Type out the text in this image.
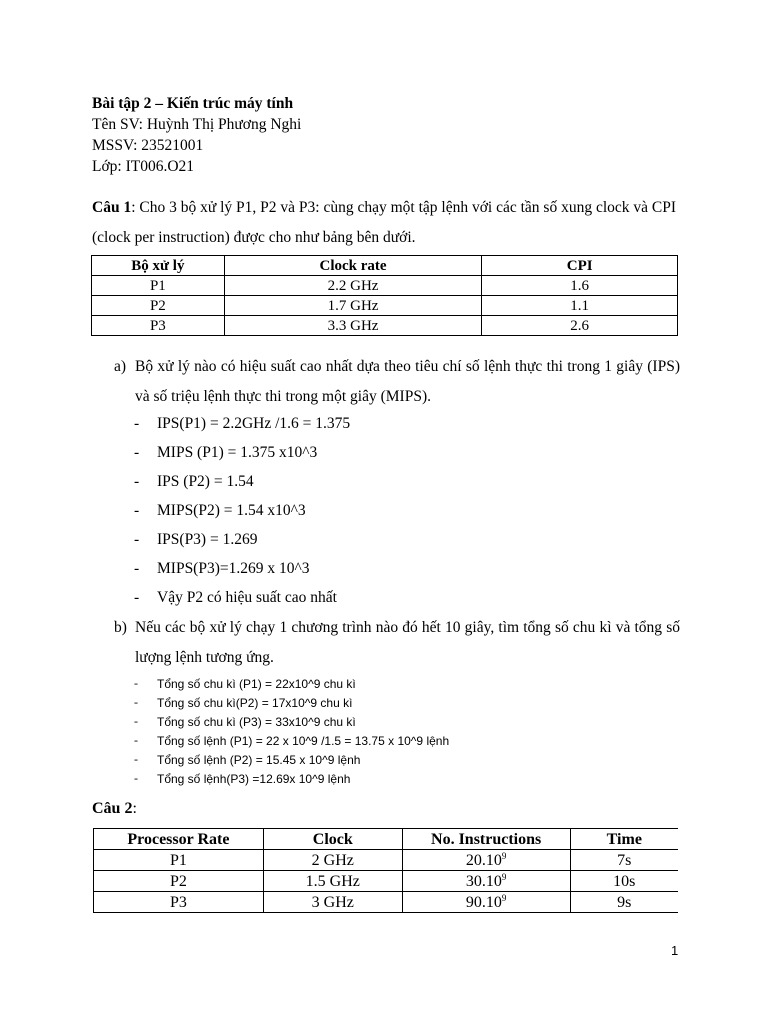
Bài tập 2 – Kiến trúc máy tính
Tên SV: Huỳnh Thị Phương Nghi
MSSV: 23521001
Lớp: IT006.O21
Câu 1: Cho 3 bộ xử lý P1, P2 và P3: cùng chạy một tập lệnh với các tần số xung clock và CPI (clock per instruction) được cho như bảng bên dưới.
Bộ xử lý	Clock rate	CPI
P1	2.2 GHz	1.6
P2	1.7 GHz	1.1
P3	3.3 GHz	2.6
a) Bộ xử lý nào có hiệu suất cao nhất dựa theo tiêu chí số lệnh thực thi trong 1 giây (IPS) và số triệu lệnh thực thi trong một giây (MIPS).
- IPS(P1) = 2.2GHz /1.6 = 1.375
- MIPS (P1) = 1.375 x10^3
- IPS (P2) = 1.54
- MIPS(P2) = 1.54 x10^3
- IPS(P3) = 1.269
- MIPS(P3)=1.269 x 10^3
- Vậy P2 có hiệu suất cao nhất
b) Nếu các bộ xử lý chạy 1 chương trình nào đó hết 10 giây, tìm tổng số chu kì và tổng số lượng lệnh tương ứng.
- Tổng số chu kì (P1) = 22x10^9 chu kì
- Tổng số chu kì(P2) = 17x10^9 chu kì
- Tổng số chu kì (P3) = 33x10^9 chu kì
- Tổng số lệnh (P1) = 22 x 10^9 /1.5 = 13.75 x 10^9 lệnh
- Tổng số lệnh (P2) = 15.45 x 10^9 lệnh
- Tổng số lệnh(P3) =12.69x 10^9 lệnh
Câu 2:
Processor Rate	Clock	No. Instructions	Time
P1	2 GHz	20.10$^9$	7s
P2	1.5 GHz	30.10$^9$	10s
P3	3 GHz	90.10$^9$	9s
1
